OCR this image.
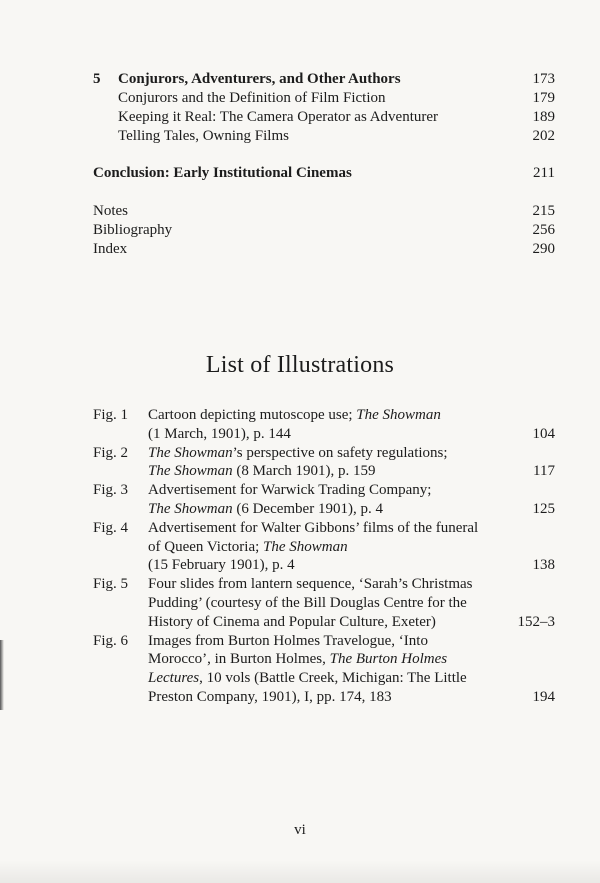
5 Conjurors, Adventurers, and Other Authors	173
Conjurors and the Definition of Film Fiction	179
Keeping it Real: The Camera Operator as Adventurer	189
Telling Tales, Owning Films	202
Conclusion: Early Institutional Cinemas	211
Notes	215
Bibliography	256
Index	290
List of Illustrations
Fig. 1	Cartoon depicting mutoscope use; The Showman
(1 March, 1901), p. 144	104
Fig. 2	The Showman’s perspective on safety regulations;
The Showman (8 March 1901), p. 159	117
Fig. 3	Advertisement for Warwick Trading Company;
The Showman (6 December 1901), p. 4	125
Fig. 4	Advertisement for Walter Gibbons’ films of the funeral
of Queen Victoria; The Showman
(15 February 1901), p. 4	138
Fig. 5	Four slides from lantern sequence, ‘Sarah’s Christmas
Pudding’ (courtesy of the Bill Douglas Centre for the
History of Cinema and Popular Culture, Exeter)	152–3
Fig. 6	Images from Burton Holmes Travelogue, ‘Into
Morocco’, in Burton Holmes, The Burton Holmes
Lectures, 10 vols (Battle Creek, Michigan: The Little
Preston Company, 1901), I, pp. 174, 183	194
vi
